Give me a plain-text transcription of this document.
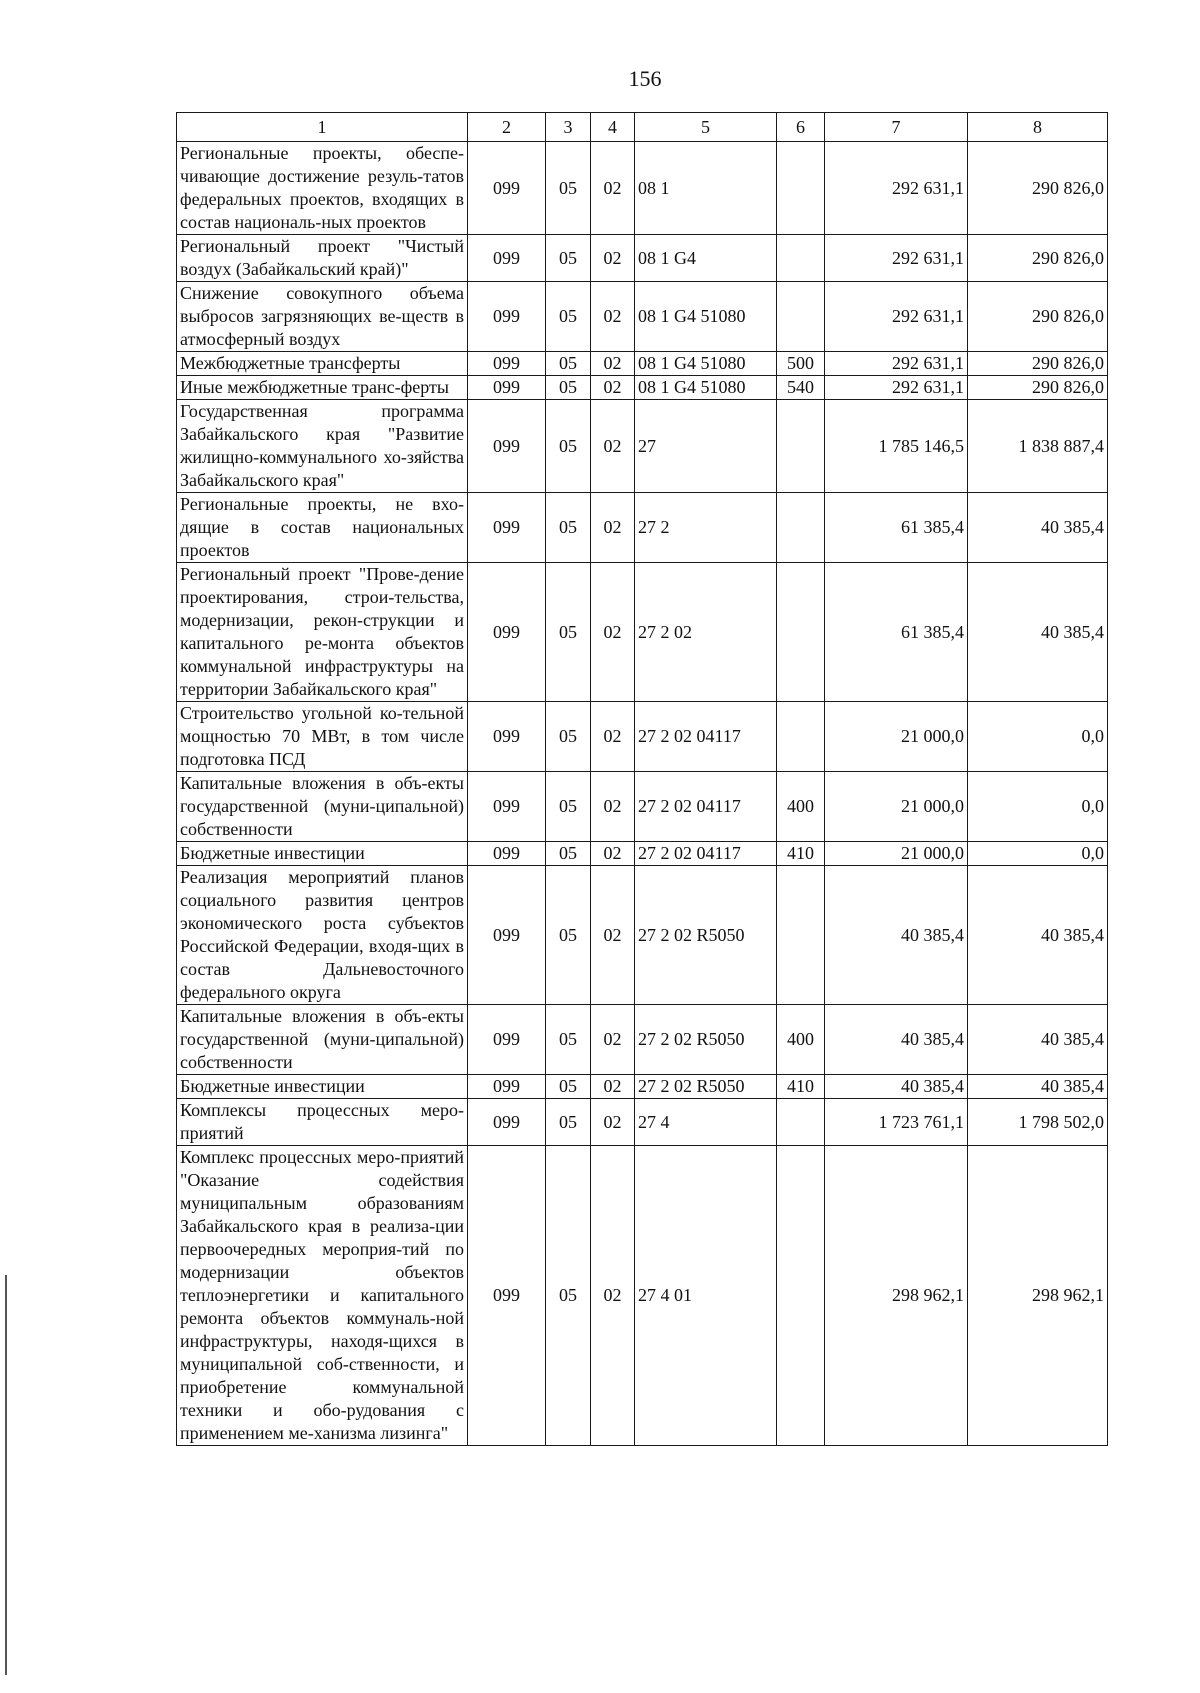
156
1	2	3	4	5	6	7	8
Региональные проекты, обеспе-чивающие достижение резуль-татов федеральных проектов, входящих в состав националь-ных проектов	099	05	02	08 1		292 631,1	290 826,0
Региональный проект "Чистый воздух (Забайкальский край)"	099	05	02	08 1 G4		292 631,1	290 826,0
Снижение совокупного объема выбросов загрязняющих ве-ществ в атмосферный воздух	099	05	02	08 1 G4 51080		292 631,1	290 826,0
Межбюджетные трансферты	099	05	02	08 1 G4 51080	500	292 631,1	290 826,0
Иные межбюджетные транс-ферты	099	05	02	08 1 G4 51080	540	292 631,1	290 826,0
Государственная программа Забайкальского края "Развитие жилищно-коммунального хо-зяйства Забайкальского края"	099	05	02	27		1 785 146,5	1 838 887,4
Региональные проекты, не вхо-дящие в состав национальных проектов	099	05	02	27 2		61 385,4	40 385,4
Региональный проект "Прове-дение проектирования, строи-тельства, модернизации, рекон-струкции и капитального ре-монта объектов коммунальной инфраструктуры на территории Забайкальского края"	099	05	02	27 2 02		61 385,4	40 385,4
Строительство угольной ко-тельной мощностью 70 МВт, в том числе подготовка ПСД	099	05	02	27 2 02 04117		21 000,0	0,0
Капитальные вложения в объ-екты государственной (муни-ципальной) собственности	099	05	02	27 2 02 04117	400	21 000,0	0,0
Бюджетные инвестиции	099	05	02	27 2 02 04117	410	21 000,0	0,0
Реализация мероприятий планов социального развития центров экономического роста субъектов Российской Федерации, входя-щих в состав Дальневосточного федерального округа	099	05	02	27 2 02 R5050		40 385,4	40 385,4
Капитальные вложения в объ-екты государственной (муни-ципальной) собственности	099	05	02	27 2 02 R5050	400	40 385,4	40 385,4
Бюджетные инвестиции	099	05	02	27 2 02 R5050	410	40 385,4	40 385,4
Комплексы процессных меро-приятий	099	05	02	27 4		1 723 761,1	1 798 502,0
Комплекс процессных меро-приятий "Оказание содействия муниципальным образованиям Забайкальского края в реализа-ции первоочередных мероприя-тий по модернизации объектов теплоэнергетики и капитального ремонта объектов коммуналь-ной инфраструктуры, находя-щихся в муниципальной соб-ственности, и приобретение коммунальной техники и обо-рудования с применением ме-ханизма лизинга"	099	05	02	27 4 01		298 962,1	298 962,1
